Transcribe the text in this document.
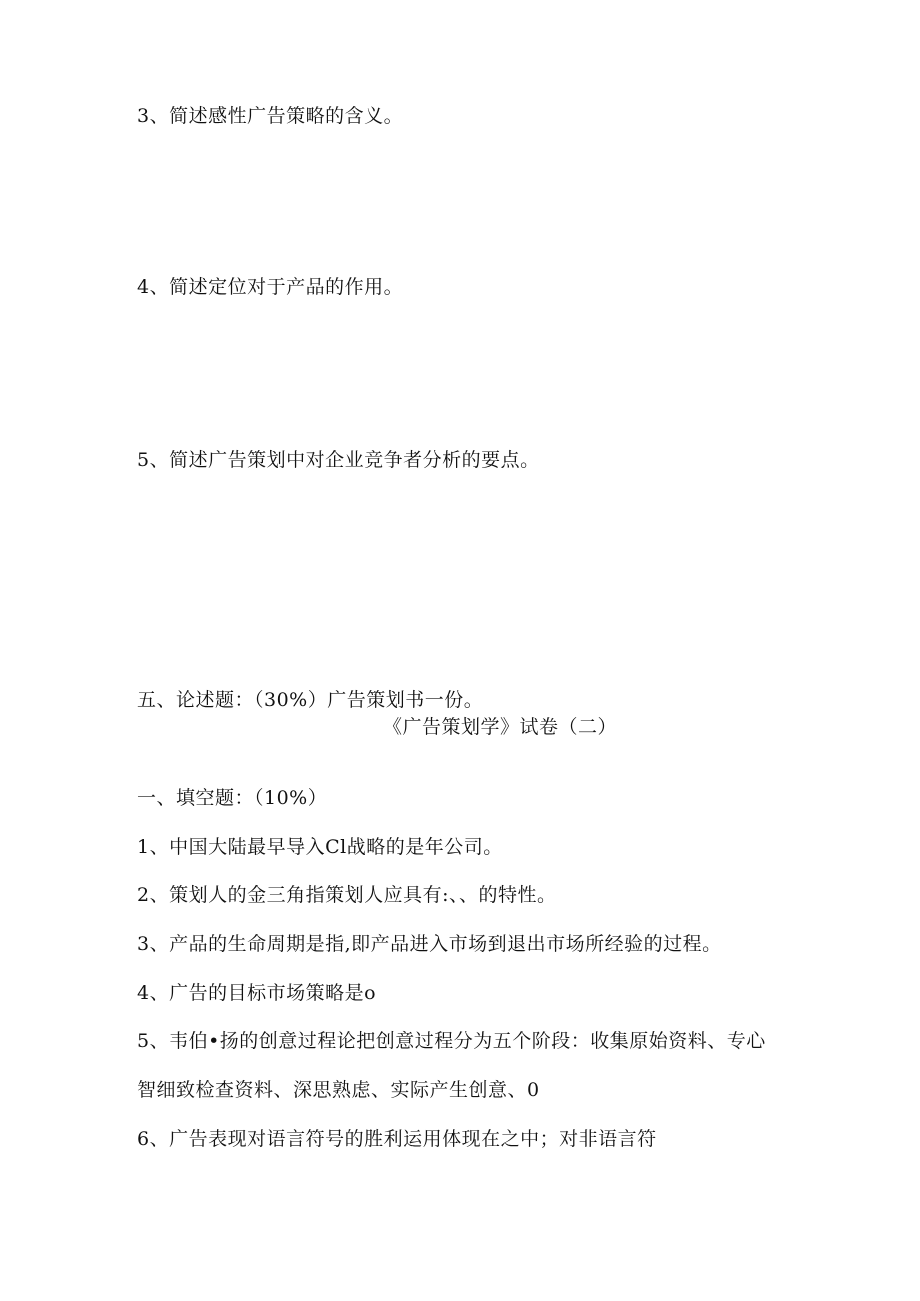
3、简述感性广告策略的含义。
4、简述定位对于产品的作用。
5、简述广告策划中对企业竞争者分析的要点。
五、论述题：（30%）广告策划书一份。
《广告策划学》试卷（二）
一、填空题：（10%）
1、中国大陆最早导入Cl战略的是年公司。
2、策划人的金三角指策划人应具有:、、的特性。
3、产品的生命周期是指,即产品进入市场到退出市场所经验的过程。
4、广告的目标市场策略是o
5、韦伯•扬的创意过程论把创意过程分为五个阶段：收集原始资料、专心
智细致检查资料、深思熟虑、实际产生创意、0
6、广告表现对语言符号的胜利运用体现在之中；对非语言符
